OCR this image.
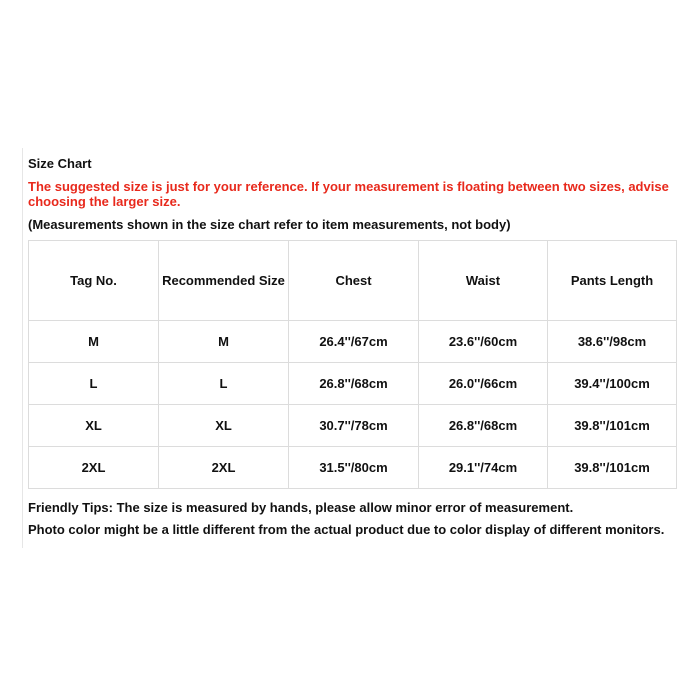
Size Chart
The suggested size is just for your reference. If your measurement is floating between two sizes, advise choosing the larger size.
(Measurements shown in the size chart refer to item measurements, not body)
Tag No.	Recommended Size	Chest	Waist	Pants Length
M	M	26.4''/67cm	23.6''/60cm	38.6''/98cm
L	L	26.8''/68cm	26.0''/66cm	39.4''/100cm
XL	XL	30.7''/78cm	26.8''/68cm	39.8''/101cm
2XL	2XL	31.5''/80cm	29.1''/74cm	39.8''/101cm
Friendly Tips: The size is measured by hands, please allow minor error of measurement.
Photo color might be a little different from the actual product due to color display of different monitors.
